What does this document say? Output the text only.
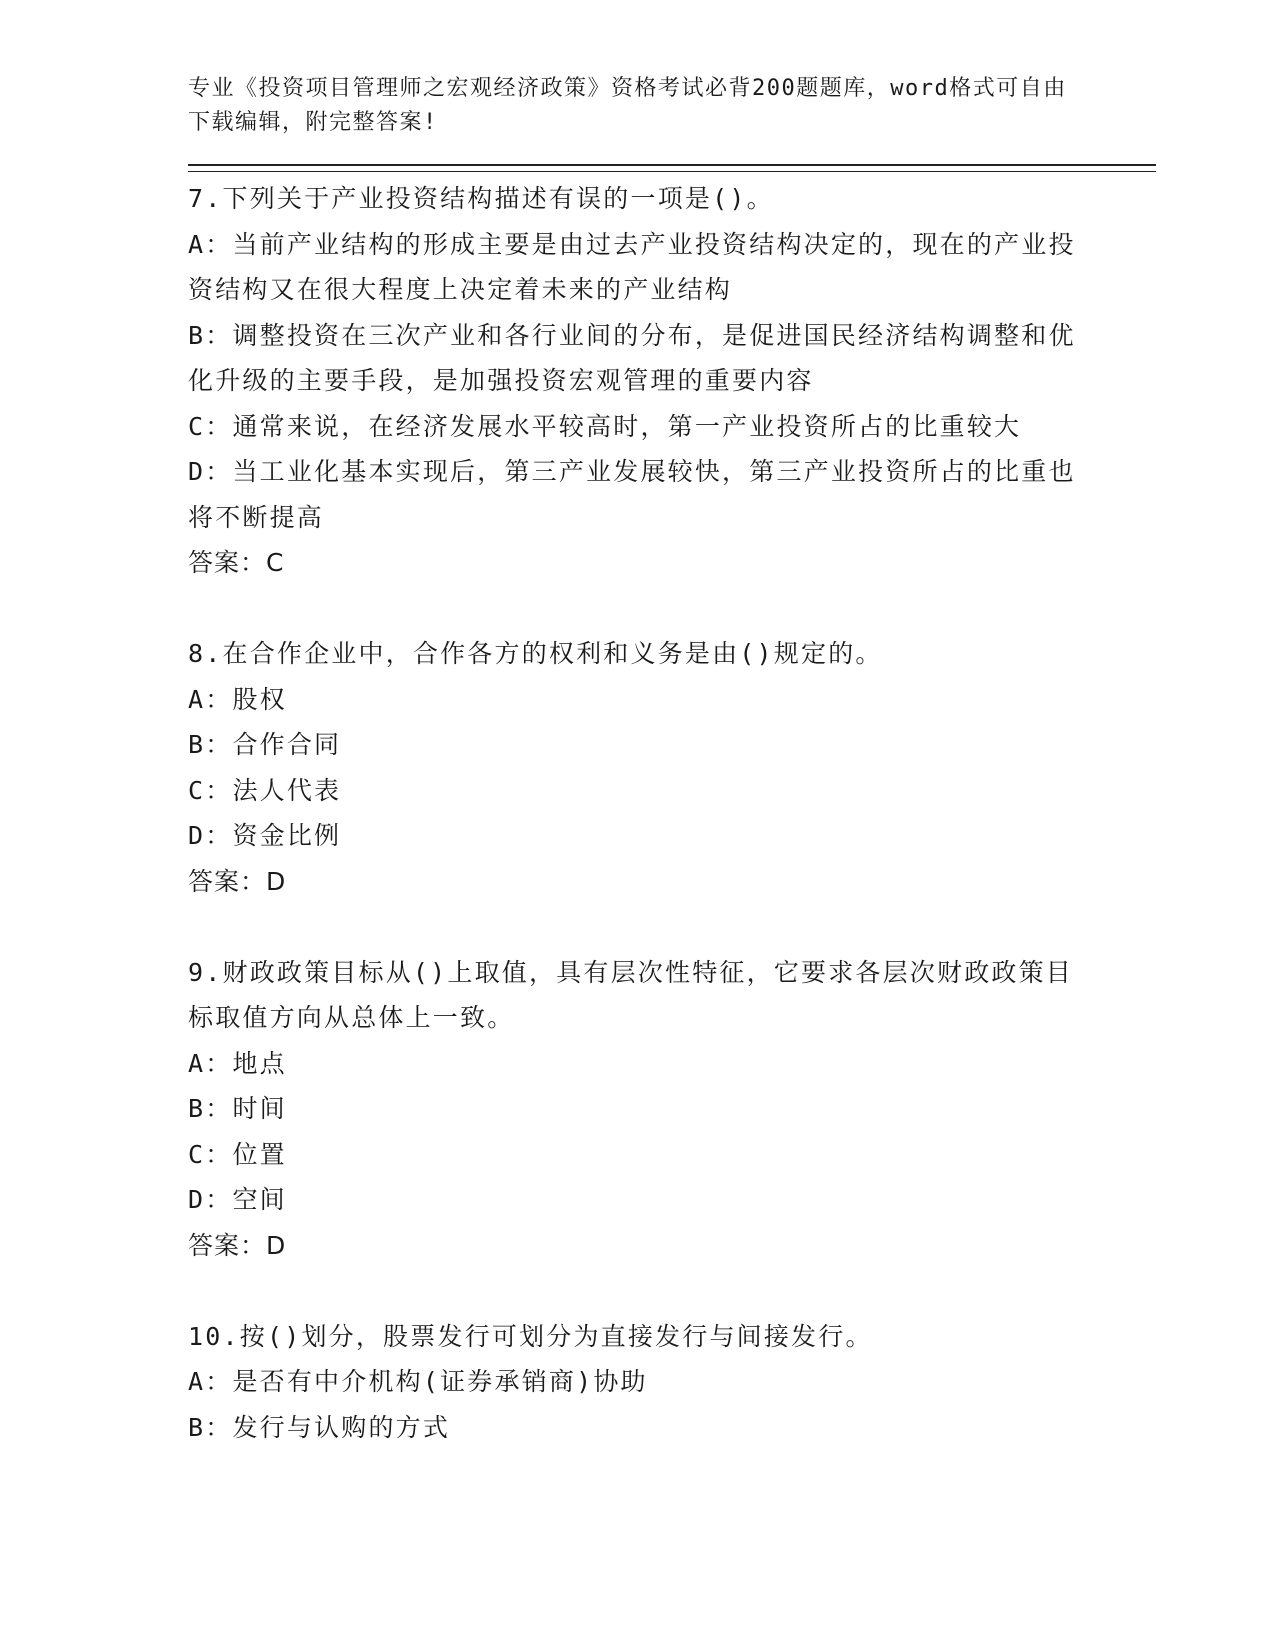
专业《投资项目管理师之宏观经济政策》资格考试必背200题题库，word格式可自由下载编辑，附完整答案!

7.下列关于产业投资结构描述有误的一项是()。

A：当前产业结构的形成主要是由过去产业投资结构决定的，现在的产业投资结构又在很大程度上决定着未来的产业结构

B：调整投资在三次产业和各行业间的分布，是促进国民经济结构调整和优化升级的主要手段，是加强投资宏观管理的重要内容

C：通常来说，在经济发展水平较高时，第一产业投资所占的比重较大

D：当工业化基本实现后，第三产业发展较快，第三产业投资所占的比重也将不断提高

答案：C

8.在合作企业中，合作各方的权利和义务是由()规定的。

A：股权

B：合作合同

C：法人代表

D：资金比例

答案：D

9.财政政策目标从()上取值，具有层次性特征，它要求各层次财政政策目标取值方向从总体上一致。

A：地点

B：时间

C：位置

D：空间

答案：D

10.按()划分，股票发行可划分为直接发行与间接发行。

A：是否有中介机构(证券承销商)协助

B：发行与认购的方式
